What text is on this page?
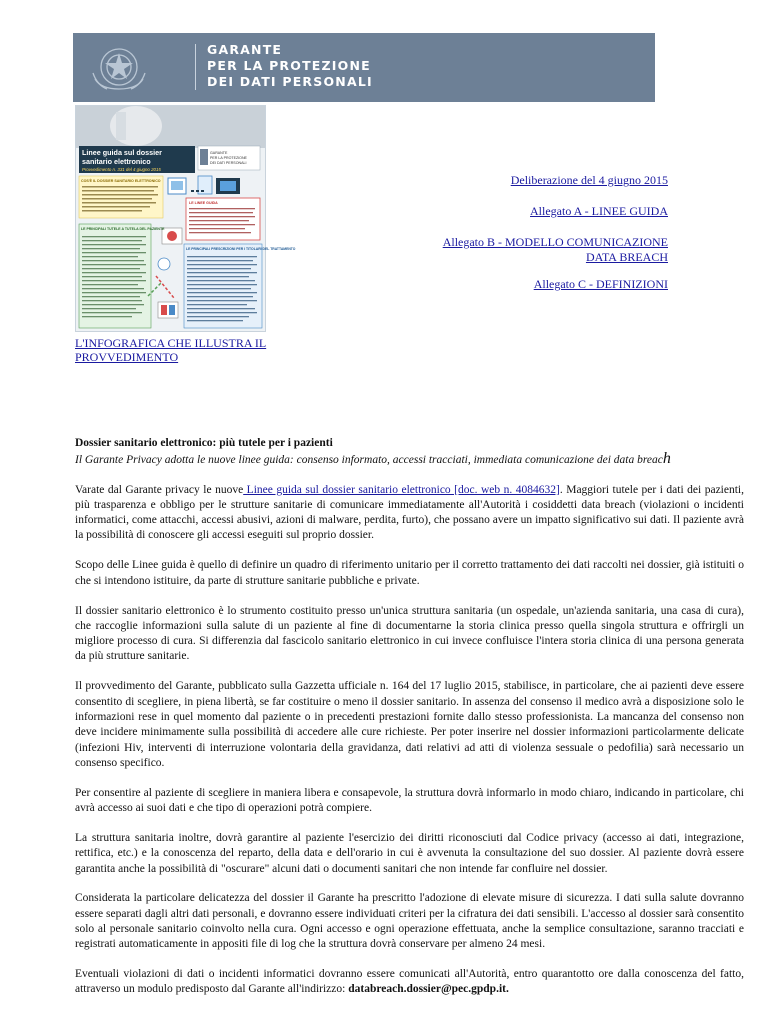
GARANTE
PER LA PROTEZIONE
DEI DATI PERSONALI
Linee guida sul dossier
sanitario elettronico
Provvedimento n. 331 del 4 giugno 2015
GARANTE
PER LA PROTEZIONE
DEI DATI PERSONALI
COS'È IL DOSSIER SANITARIO ELETTRONICO
LE LINEE GUIDA
LE PRINCIPALI TUTELE A TUTELA DEL PAZIENTE
LE PRINCIPALI PRESCRIZIONI PER I TITOLARI DEL TRATTAMENTO
Deliberazione del 4 giugno 2015
Allegato A - LINEE GUIDA
Allegato B - MODELLO COMUNICAZIONE DATA BREACH
Allegato C - DEFINIZIONI
L'INFOGRAFICA CHE ILLUSTRA IL PROVVEDIMENTO

Dossier sanitario elettronico: più tutele per i pazienti

Il Garante Privacy adotta le nuove linee guida: consenso informato, accessi tracciati, immediata comunicazione dei data breach

Varate dal Garante privacy le nuove Linee guida sul dossier sanitario elettronico [doc. web n. 4084632]. Maggiori tutele per i dati dei pazienti, più trasparenza e obbligo per le strutture sanitarie di comunicare immediatamente all'Autorità i cosiddetti data breach (violazioni o incidenti informatici, come attacchi, accessi abusivi, azioni di malware, perdita, furto), che possano avere un impatto significativo sui dati. Il paziente avrà la possibilità di conoscere gli accessi eseguiti sul proprio dossier.

Scopo delle Linee guida è quello di definire un quadro di riferimento unitario per il corretto trattamento dei dati raccolti nei dossier, già istituiti o che si intendono istituire, da parte di strutture sanitarie pubbliche e private.

Il dossier sanitario elettronico è lo strumento costituito presso un'unica struttura sanitaria (un ospedale, un'azienda sanitaria, una casa di cura), che raccoglie informazioni sulla salute di un paziente al fine di documentarne la storia clinica presso quella singola struttura e offrirgli un migliore processo di cura. Si differenzia dal fascicolo sanitario elettronico in cui invece confluisce l'intera storia clinica di una persona generata da più strutture sanitarie.

Il provvedimento del Garante, pubblicato sulla Gazzetta ufficiale n. 164 del 17 luglio 2015, stabilisce, in particolare, che ai pazienti deve essere consentito di scegliere, in piena libertà, se far costituire o meno il dossier sanitario. In assenza del consenso il medico avrà a disposizione solo le informazioni rese in quel momento dal paziente o in precedenti prestazioni fornite dallo stesso professionista. La mancanza del consenso non deve incidere minimamente sulla possibilità di accedere alle cure richieste. Per poter inserire nel dossier informazioni particolarmente delicate (infezioni Hiv, interventi di interruzione volontaria della gravidanza, dati relativi ad atti di violenza sessuale o pedofilia) sarà necessario un consenso specifico.

Per consentire al paziente di scegliere in maniera libera e consapevole, la struttura dovrà informarlo in modo chiaro, indicando in particolare, chi avrà accesso ai suoi dati e che tipo di operazioni potrà compiere.

La struttura sanitaria inoltre, dovrà garantire al paziente l'esercizio dei diritti riconosciuti dal Codice privacy (accesso ai dati, integrazione, rettifica, etc.) e la conoscenza del reparto, della data e dell'orario in cui è avvenuta la consultazione del suo dossier. Al paziente dovrà essere garantita anche la possibilità di "oscurare" alcuni dati o documenti sanitari che non intende far confluire nel dossier.

Considerata la particolare delicatezza del dossier il Garante ha prescritto l'adozione di elevate misure di sicurezza. I dati sulla salute dovranno essere separati dagli altri dati personali, e dovranno essere individuati criteri per la cifratura dei dati sensibili. L'accesso al dossier sarà consentito solo al personale sanitario coinvolto nella cura. Ogni accesso e ogni operazione effettuata, anche la semplice consultazione, saranno tracciati e registrati automaticamente in appositi file di log che la struttura dovrà conservare per almeno 24 mesi.

Eventuali violazioni di dati o incidenti informatici dovranno essere comunicati all'Autorità, entro quarantotto ore dalla conoscenza del fatto, attraverso un modulo predisposto dal Garante all'indirizzo: databreach.dossier@pec.gpdp.it.
